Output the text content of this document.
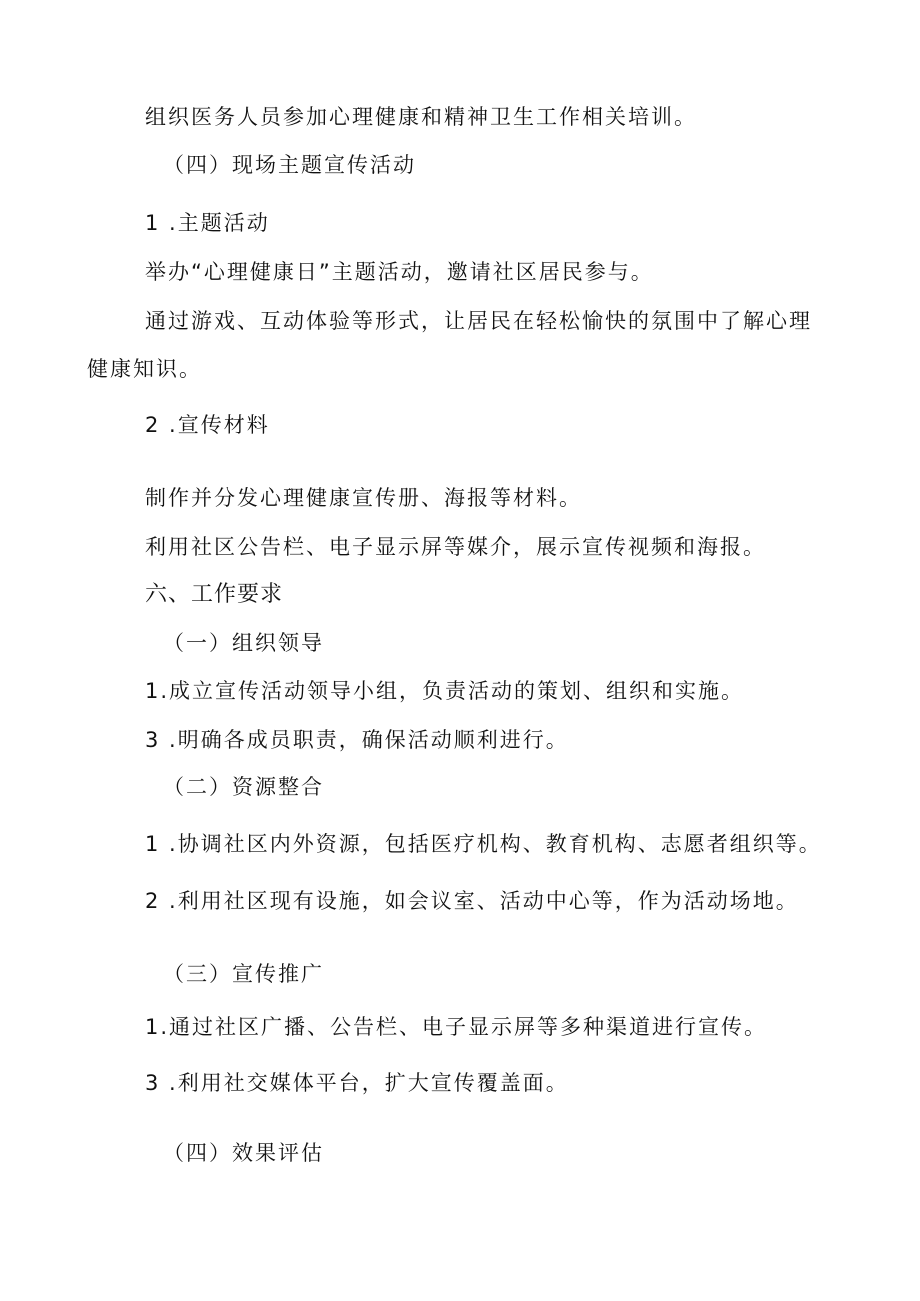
组织医务人员参加心理健康和精神卫生工作相关培训。

（四）现场主题宣传活动

1 .主题活动

举办“心理健康日”主题活动，邀请社区居民参与。

通过游戏、互动体验等形式，让居民在轻松愉快的氛围中了解心理

健康知识。

2 .宣传材料

制作并分发心理健康宣传册、海报等材料。

利用社区公告栏、电子显示屏等媒介，展示宣传视频和海报。

六、工作要求

（一）组织领导

1.成立宣传活动领导小组，负责活动的策划、组织和实施。

3 .明确各成员职责，确保活动顺利进行。

（二）资源整合

1 .协调社区内外资源，包括医疗机构、教育机构、志愿者组织等。

2 .利用社区现有设施，如会议室、活动中心等，作为活动场地。

（三）宣传推广

1.通过社区广播、公告栏、电子显示屏等多种渠道进行宣传。

3 .利用社交媒体平台，扩大宣传覆盖面。

（四）效果评估
